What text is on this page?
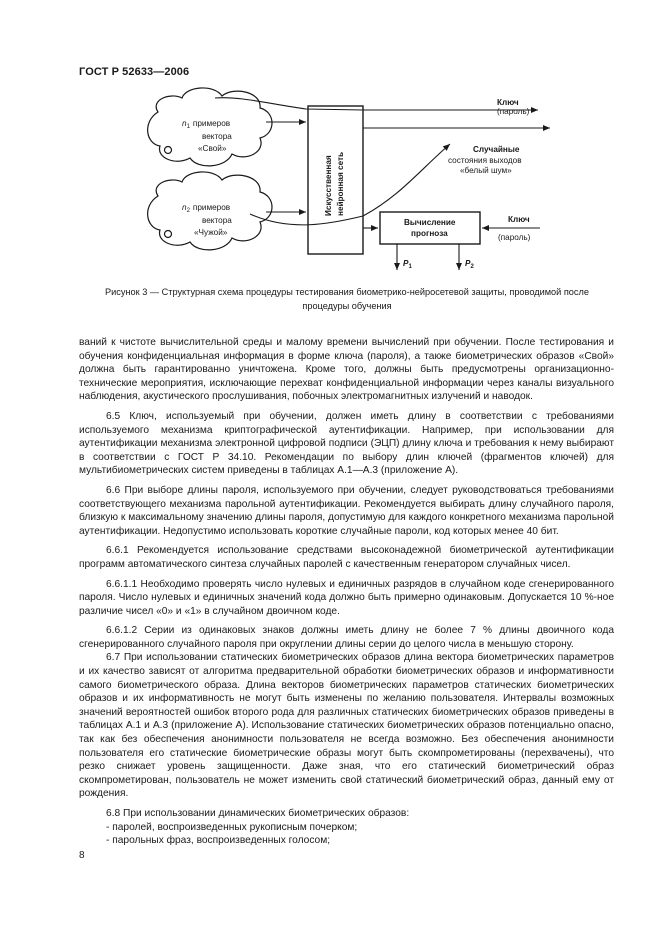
ГОСТ Р 52633—2006
$n_1$ примеров
вектора
«Свой»
$n_2$ примеров
вектора
«Чужой»
Искусственная нейронная сеть
Ключ
(пароль)
Случайные
состояния выходов
«белый шум»
Вычисление
прогноза
Ключ
(пароль)
$P_1$	$P_2$
Рисунок 3 — Структурная схема процедуры тестирования биометрико-нейросетевой защиты, проводимой после
процедуры обучения

ваний к чистоте вычислительной среды и малому времени вычислений при обучении. После тестирования и обучения конфиденциальная информация в форме ключа (пароля), а также биометрических образов «Свой» должна быть гарантированно уничтожена. Кроме того, должны быть предусмотрены организационно-технические мероприятия, исключающие перехват конфиденциальной информации через каналы визуального наблюдения, акустического прослушивания, побочных электромагнитных излучений и наводок.

6.5 Ключ, используемый при обучении, должен иметь длину в соответствии с требованиями используемого механизма криптографической аутентификации. Например, при использовании для аутентификации механизма электронной цифровой подписи (ЭЦП) длину ключа и требования к нему выбирают в соответствии с ГОСТ Р 34.10. Рекомендации по выбору длин ключей (фрагментов ключей) для мультибиометрических систем приведены в таблицах А.1—А.3 (приложение А).

6.6 При выборе длины пароля, используемого при обучении, следует руководствоваться требованиями соответствующего механизма парольной аутентификации. Рекомендуется выбирать длину случайного пароля, близкую к максимальному значению длины пароля, допустимую для каждого конкретного механизма парольной аутентификации. Недопустимо использовать короткие случайные пароли, код которых менее 40 бит.

6.6.1 Рекомендуется использование средствами высоконадежной биометрической аутентификации программ автоматического синтеза случайных паролей с качественным генератором случайных чисел.

6.6.1.1 Необходимо проверять число нулевых и единичных разрядов в случайном коде сгенерированного пароля. Число нулевых и единичных значений кода должно быть примерно одинаковым. Допускается 10 %-ное различие чисел «0» и «1» в случайном двоичном коде.

6.6.1.2 Серии из одинаковых знаков должны иметь длину не более 7 % длины двоичного кода сгенерированного случайного пароля при округлении длины серии до целого числа в меньшую сторону.

6.7 При использовании статических биометрических образов длина вектора биометрических параметров и их качество зависят от алгоритма предварительной обработки биометрических образов и информативности самого биометрического образа. Длина векторов биометрических параметров статических биометрических образов и их информативность не могут быть изменены по желанию пользователя. Интервалы возможных значений вероятностей ошибок второго рода для различных статических биометрических образов приведены в таблицах А.1 и А.3 (приложение А). Использование статических биометрических образов потенциально опасно, так как без обеспечения анонимности пользователя не всегда возможно. Без обеспечения анонимности пользователя его статические биометрические образы могут быть скомпрометированы (перехвачены), что резко снижает уровень защищенности. Даже зная, что его статический биометрический образ скомпрометирован, пользователь не может изменить свой статический биометрический образ, данный ему от рождения.

6.8 При использовании динамических биометрических образов:

- паролей, воспроизведенных рукописным почерком;

- парольных фраз, воспроизведенных голосом;

8
